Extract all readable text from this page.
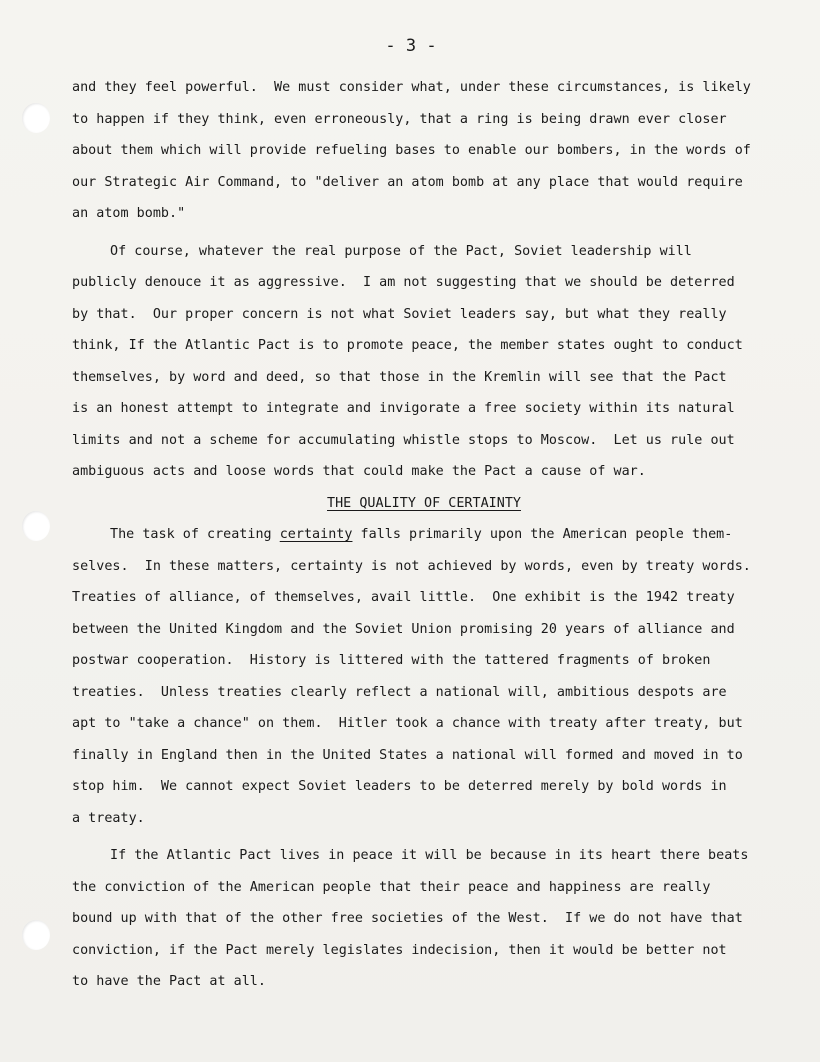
- 3 -
and they feel powerful.  We must consider what, under these circumstances, is likely
to happen if they think, even erroneously, that a ring is being drawn ever closer
about them which will provide refueling bases to enable our bombers, in the words of
our Strategic Air Command, to "deliver an atom bomb at any place that would require
an atom bomb."
Of course, whatever the real purpose of the Pact, Soviet leadership will
publicly denouce it as aggressive.  I am not suggesting that we should be deterred
by that.  Our proper concern is not what Soviet leaders say, but what they really
think, If the Atlantic Pact is to promote peace, the member states ought to conduct
themselves, by word and deed, so that those in the Kremlin will see that the Pact
is an honest attempt to integrate and invigorate a free society within its natural
limits and not a scheme for accumulating whistle stops to Moscow.  Let us rule out
ambiguous acts and loose words that could make the Pact a cause of war.
THE QUALITY OF CERTAINTY
The task of creating certainty falls primarily upon the American people them-
selves.  In these matters, certainty is not achieved by words, even by treaty words.
Treaties of alliance, of themselves, avail little.  One exhibit is the 1942 treaty
between the United Kingdom and the Soviet Union promising 20 years of alliance and
postwar cooperation.  History is littered with the tattered fragments of broken
treaties.  Unless treaties clearly reflect a national will, ambitious despots are
apt to "take a chance" on them.  Hitler took a chance with treaty after treaty, but
finally in England then in the United States a national will formed and moved in to
stop him.  We cannot expect Soviet leaders to be deterred merely by bold words in
a treaty.
If the Atlantic Pact lives in peace it will be because in its heart there beats
the conviction of the American people that their peace and happiness are really
bound up with that of the other free societies of the West.  If we do not have that
conviction, if the Pact merely legislates indecision, then it would be better not
to have the Pact at all.
